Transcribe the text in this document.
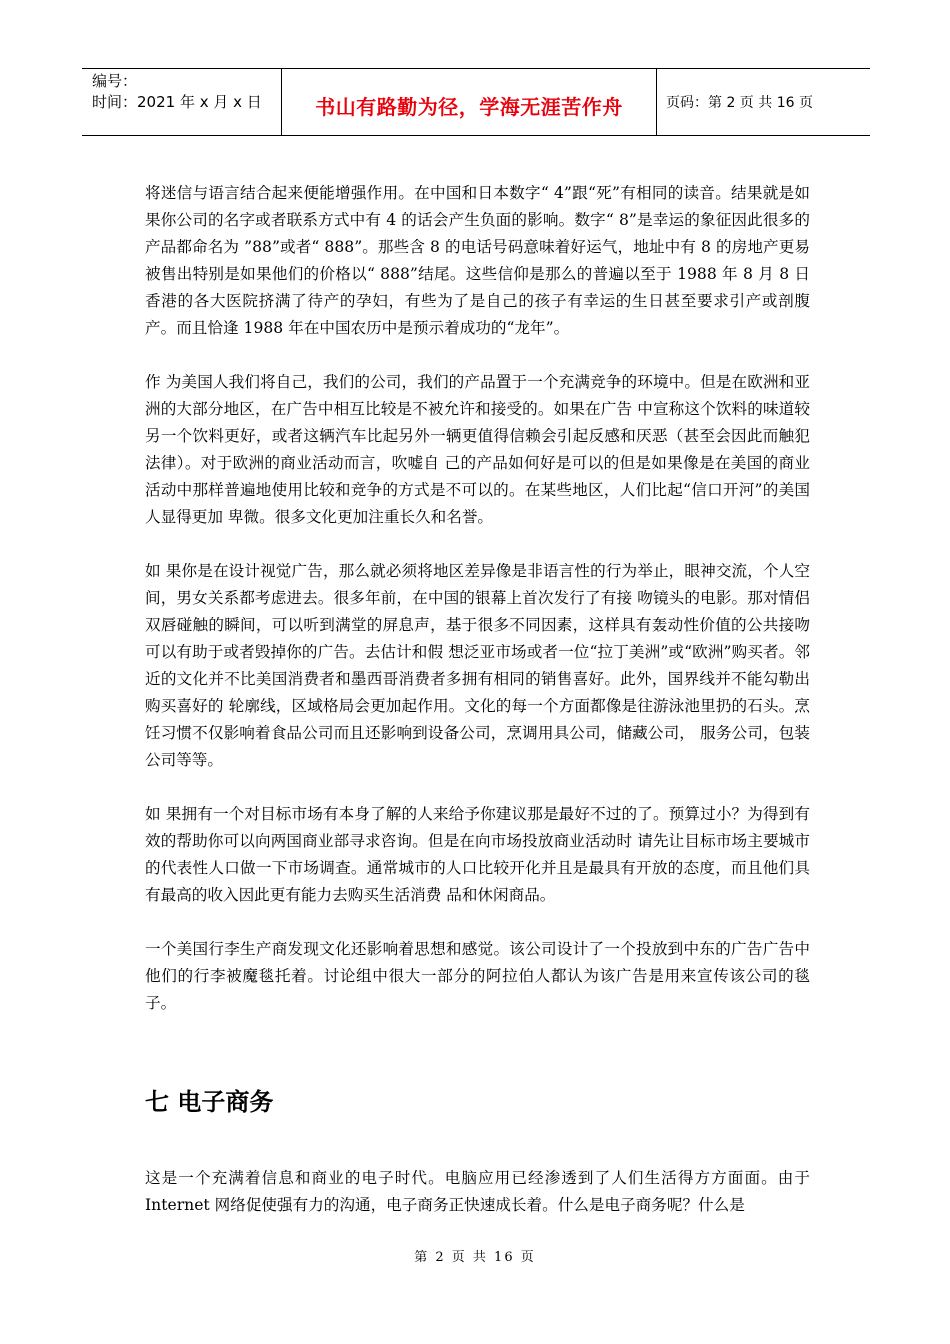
编号：
时间：2021 年 x 月 x 日	书山有路勤为径，学海无涯苦作舟	页码：第 2 页 共 16 页

将迷信与语言结合起来便能增强作用。在中国和日本数字“ 4”跟“死”有相同的读音。结果就是如果你公司的名字或者联系方式中有 4 的话会产生负面的影响。数字“ 8”是幸运的象征因此很多的产品都命名为 ”88”或者“ 888”。那些含 8 的电话号码意味着好运气，地址中有 8 的房地产更易被售出特别是如果他们的价格以“ 888”结尾。这些信仰是那么的普遍以至于 1988 年 8 月 8 日香港的各大医院挤满了待产的孕妇，有些为了是自己的孩子有幸运的生日甚至要求引产或剖腹产。而且恰逢 1988 年在中国农历中是预示着成功的“龙年”。

作 为美国人我们将自己，我们的公司，我们的产品置于一个充满竞争的环境中。但是在欧洲和亚洲的大部分地区，在广告中相互比较是不被允许和接受的。如果在广告 中宣称这个饮料的味道较另一个饮料更好，或者这辆汽车比起另外一辆更值得信赖会引起反感和厌恶（甚至会因此而触犯法律）。对于欧洲的商业活动而言，吹嘘自 己的产品如何好是可以的但是如果像是在美国的商业活动中那样普遍地使用比较和竞争的方式是不可以的。在某些地区，人们比起“信口开河”的美国人显得更加 卑微。很多文化更加注重长久和名誉。

如 果你是在设计视觉广告，那么就必须将地区差异像是非语言性的行为举止，眼神交流，个人空间，男女关系都考虑进去。很多年前，在中国的银幕上首次发行了有接 吻镜头的电影。那对情侣双唇碰触的瞬间，可以听到满堂的屏息声，基于很多不同因素，这样具有轰动性价值的公共接吻可以有助于或者毁掉你的广告。去估计和假 想泛亚市场或者一位“拉丁美洲”或“欧洲”购买者。邻近的文化并不比美国消费者和墨西哥消费者多拥有相同的销售喜好。此外，国界线并不能勾勒出购买喜好的 轮廓线，区域格局会更加起作用。文化的每一个方面都像是往游泳池里扔的石头。烹饪习惯不仅影响着食品公司而且还影响到设备公司，烹调用具公司，储藏公司， 服务公司，包装公司等等。

如 果拥有一个对目标市场有本身了解的人来给予你建议那是最好不过的了。预算过小？为得到有效的帮助你可以向两国商业部寻求咨询。但是在向市场投放商业活动时 请先让目标市场主要城市的代表性人口做一下市场调查。通常城市的人口比较开化并且是最具有开放的态度，而且他们具有最高的收入因此更有能力去购买生活消费 品和休闲商品。

一个美国行李生产商发现文化还影响着思想和感觉。该公司设计了一个投放到中东的广告广告中他们的行李被魔毯托着。讨论组中很大一部分的阿拉伯人都认为该广告是用来宣传该公司的毯子。

七 电子商务

这是一个充满着信息和商业的电子时代。电脑应用已经渗透到了人们生活得方方面面。由于 Internet 网络促使强有力的沟通，电子商务正快速成长着。什么是电子商务呢？什么是

第 2 页 共 16 页
